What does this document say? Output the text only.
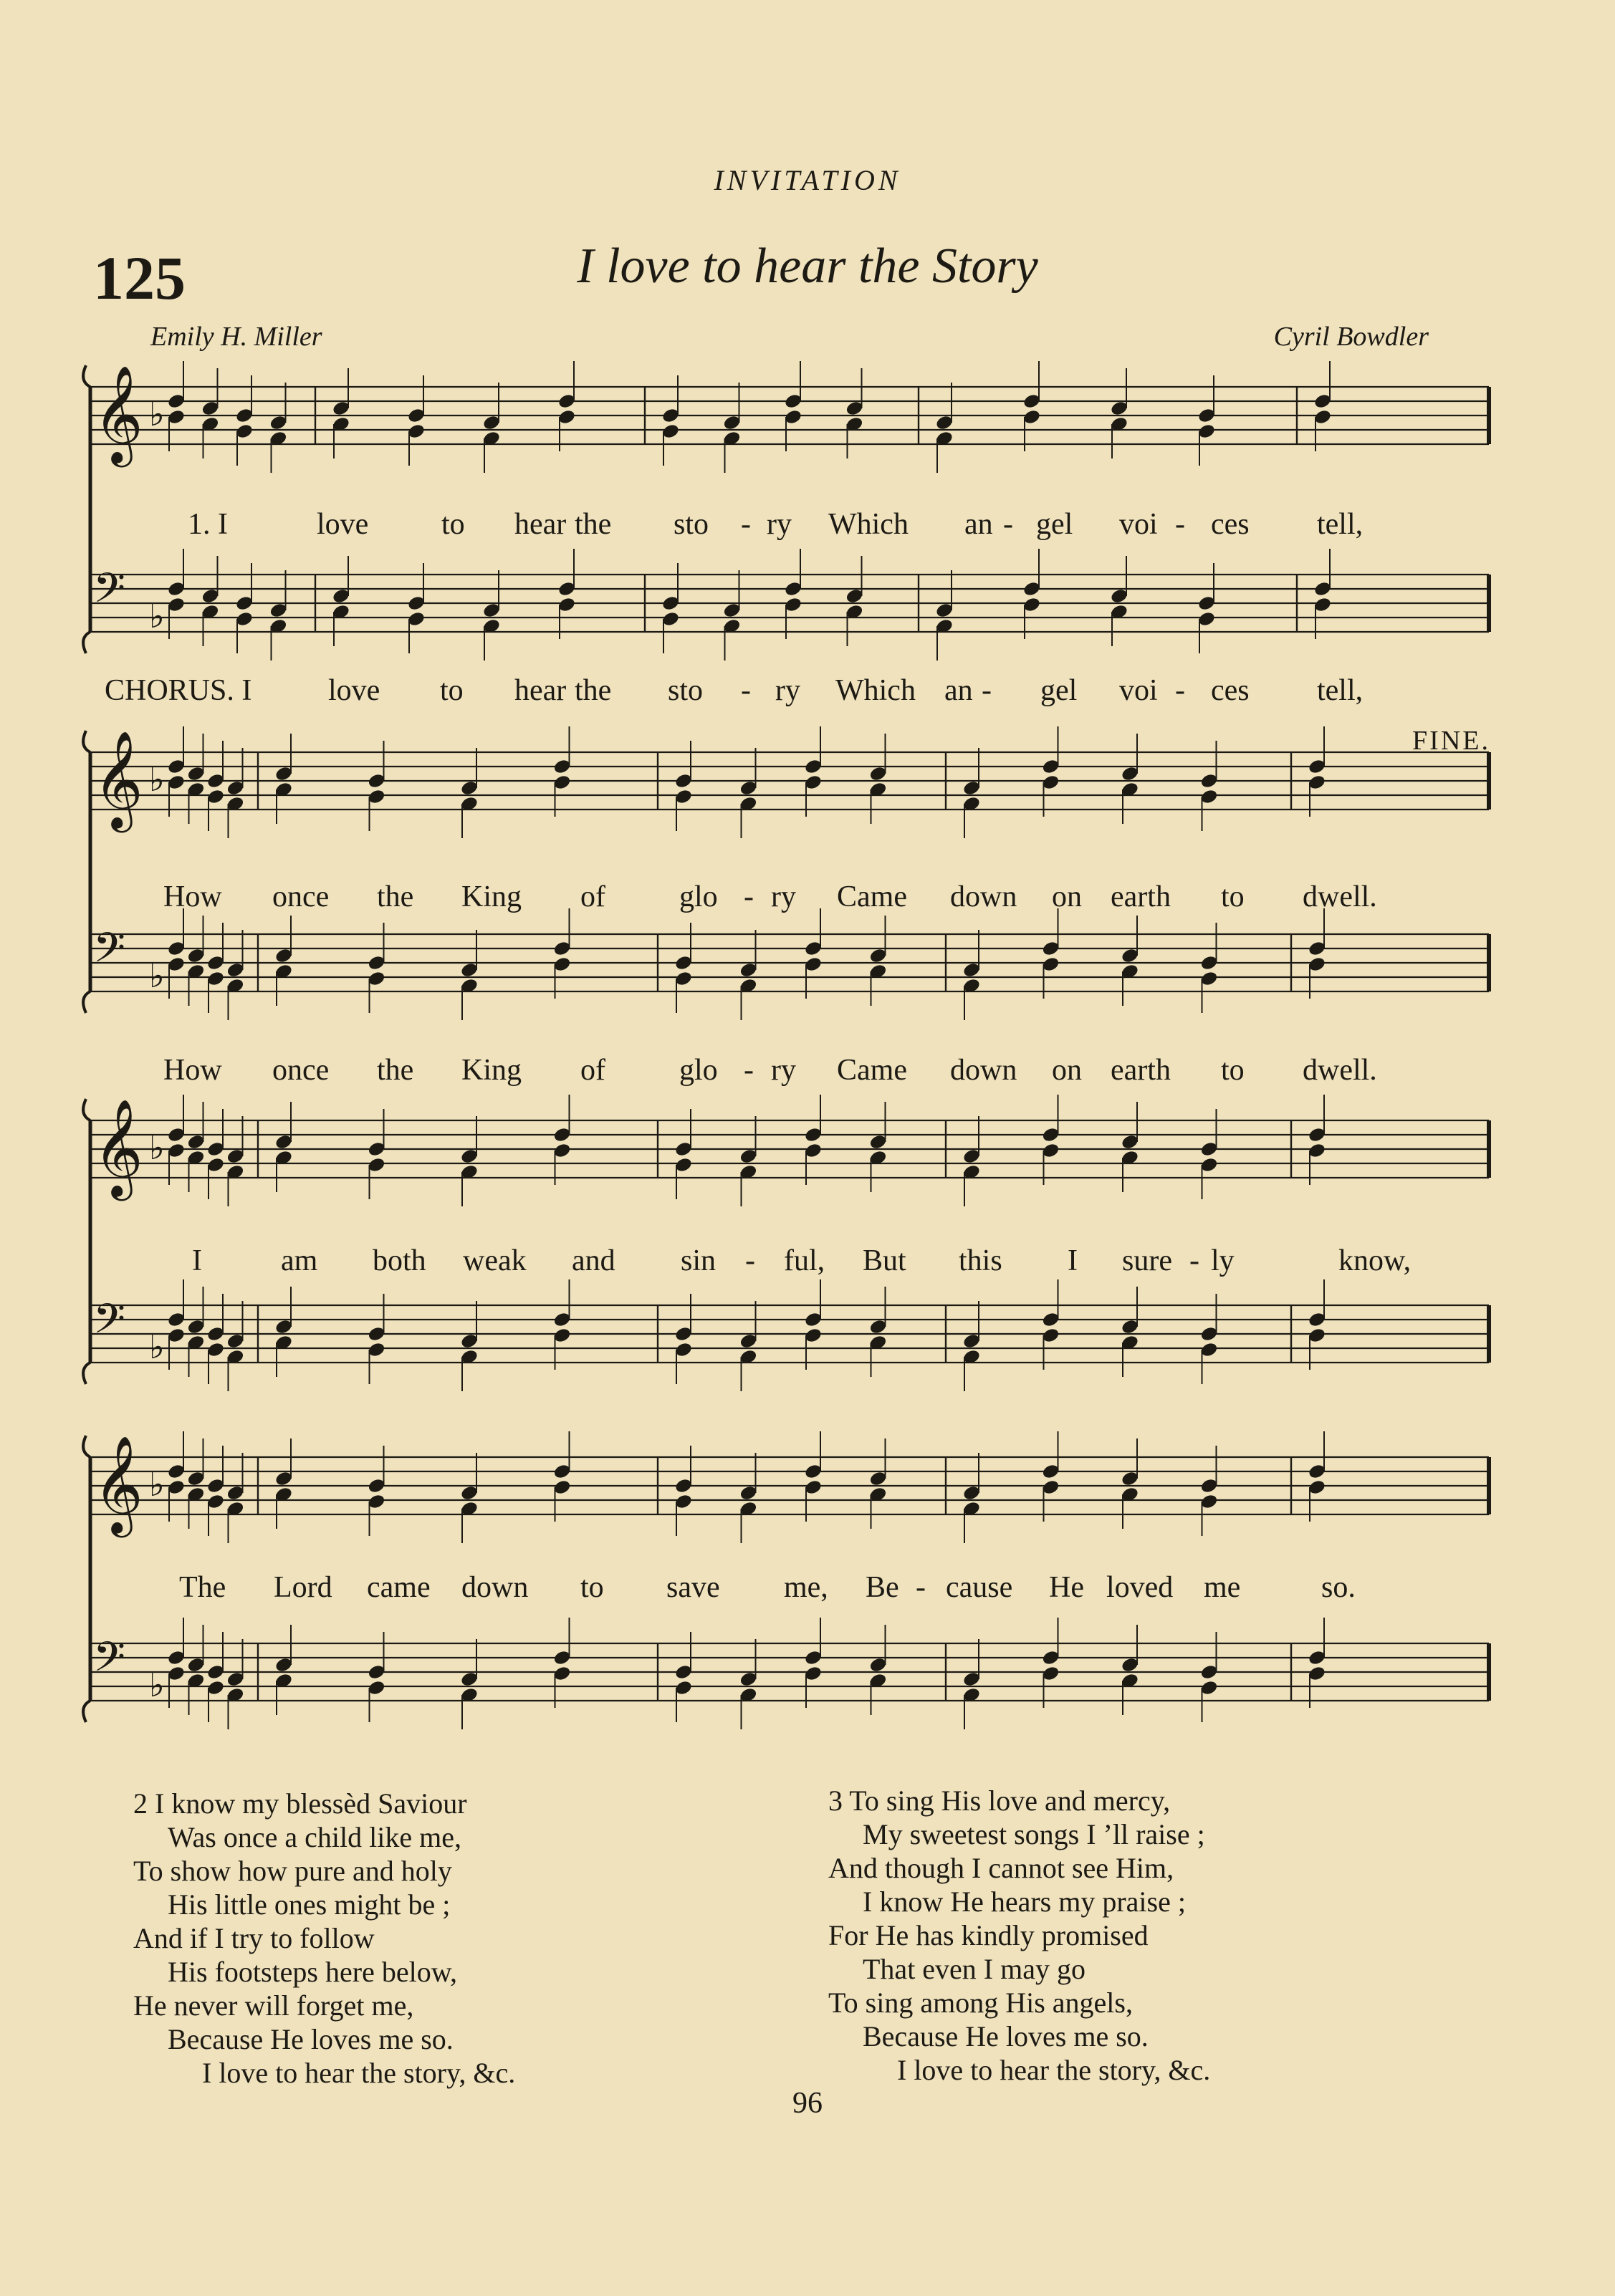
INVITATION
125	I love to hear the Story
Emily H. Miller	Cyril Bowdler
FINE.
𝄞 ♭
𝄢 ♭
𝄞 ♭
𝄢 ♭
𝄞 ♭
𝄢 ♭
𝄞 ♭
𝄢 ♭
1. I	love to hear the sto - ry Which an - gel voi - ces tell,
CHORUS. I	love to hear the sto - ry Which an - gel voi - ces tell,
How once the King of glo - ry Came down on earth to dwell.
How once the King of glo - ry Came down on earth to dwell.
I	am both weak and sin - ful, But this I sure - ly	know,
The Lord came down to save me, Be - cause He loved me	so.
2 I know my blessèd Saviour
Was once a child like me,
To show how pure and holy
His little ones might be ;
And if I try to follow
His footsteps here below,
He never will forget me,
Because He loves me so.
I love to hear the story, &c.
3 To sing His love and mercy,
My sweetest songs I ’ll raise ;
And though I cannot see Him,
I know He hears my praise ;
For He has kindly promised
That even I may go
To sing among His angels,
Because He loves me so.
I love to hear the story, &c.
96
